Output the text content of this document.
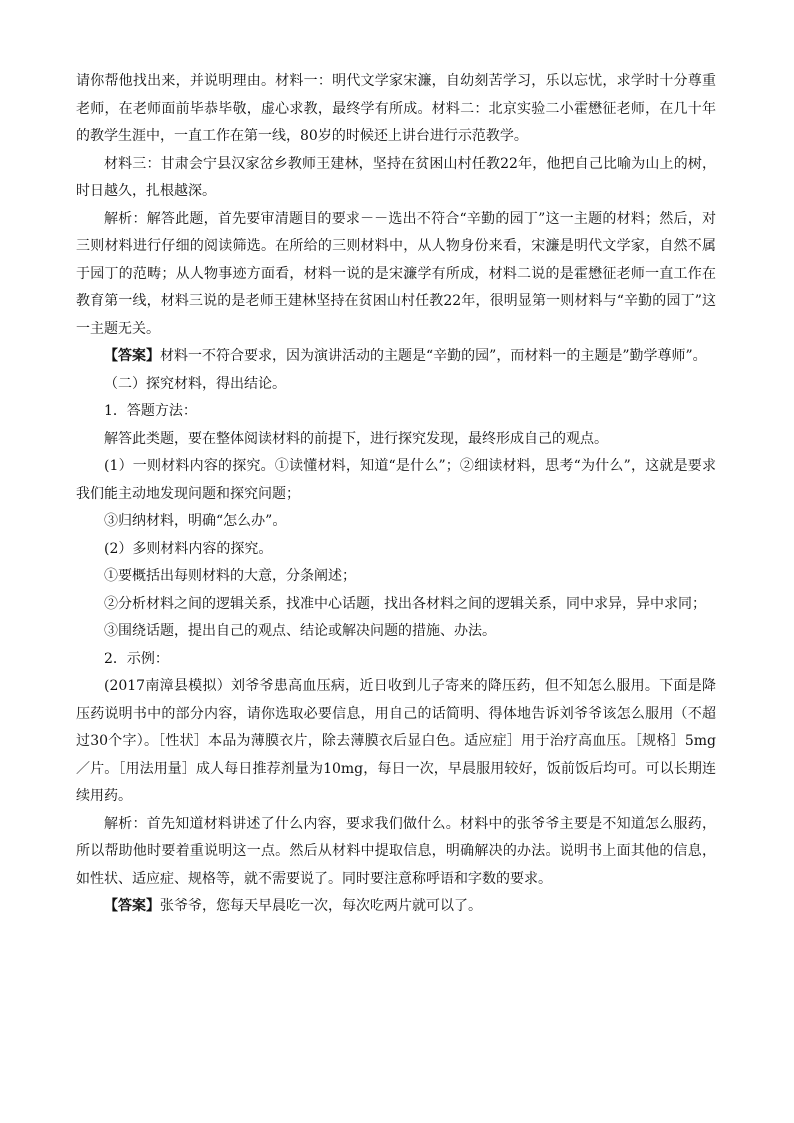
请你帮他找出来，并说明理由。材料一：明代文学家宋濂，自幼刻苦学习，乐以忘忧，求学时十分尊重老师，在老师面前毕恭毕敬，虚心求教，最终学有所成。材料二：北京实验二小霍懋征老师，在几十年的教学生涯中，一直工作在第一线，80岁的时候还上讲台进行示范教学。

材料三：甘肃会宁县汉家岔乡教师王建林，坚持在贫困山村任教22年，他把自己比喻为山上的树，时日越久，扎根越深。

解析：解答此题，首先要审清题目的要求－－选出不符合“辛勤的园丁”这一主题的材料；然后，对三则材料进行仔细的阅读筛选。在所给的三则材料中，从人物身份来看，宋濂是明代文学家，自然不属于园丁的范畴；从人物事迹方面看，材料一说的是宋濂学有所成，材料二说的是霍懋征老师一直工作在教育第一线，材料三说的是老师王建林坚持在贫困山村任教22年，很明显第一则材料与“辛勤的园丁”这一主题无关。

【答案】材料一不符合要求，因为演讲活动的主题是“辛勤的园”，而材料一的主题是”勤学尊师”。

（二）探究材料，得出结论。

1．答题方法：

解答此类题，要在整体阅读材料的前提下，进行探究发现，最终形成自己的观点。

(1）一则材料内容的探究。①读懂材料，知道“是什么”；②细读材料，思考“为什么”，这就是要求我们能主动地发现问题和探究问题；

③归纳材料，明确“怎么办”。

(2）多则材料内容的探究。

①要概括出每则材料的大意，分条阐述；

②分析材料之间的逻辑关系，找准中心话题，找出各材料之间的逻辑关系，同中求异，异中求同；

③围绕话题，提出自己的观点、结论或解决问题的措施、办法。

2．示例：

(2017南漳县模拟）刘爷爷患高血压病，近日收到儿子寄来的降压药，但不知怎么服用。下面是降压药说明书中的部分内容，请你选取必要信息，用自己的话简明、得体地告诉刘爷爷该怎么服用（不超过30个字）。［性状］本品为薄膜衣片，除去薄膜衣后显白色。适应症］用于治疗高血压。［规格］5mg／片。［用法用量］成人每日推荐剂量为10mg，每日一次，早晨服用较好，饭前饭后均可。可以长期连续用药。

解析：首先知道材料讲述了什么内容，要求我们做什么。材料中的张爷爷主要是不知道怎么服药，所以帮助他时要着重说明这一点。然后从材料中提取信息，明确解决的办法。说明书上面其他的信息，如性状、适应症、规格等，就不需要说了。同时要注意称呼语和字数的要求。

【答案】张爷爷，您每天早晨吃一次，每次吃两片就可以了。
